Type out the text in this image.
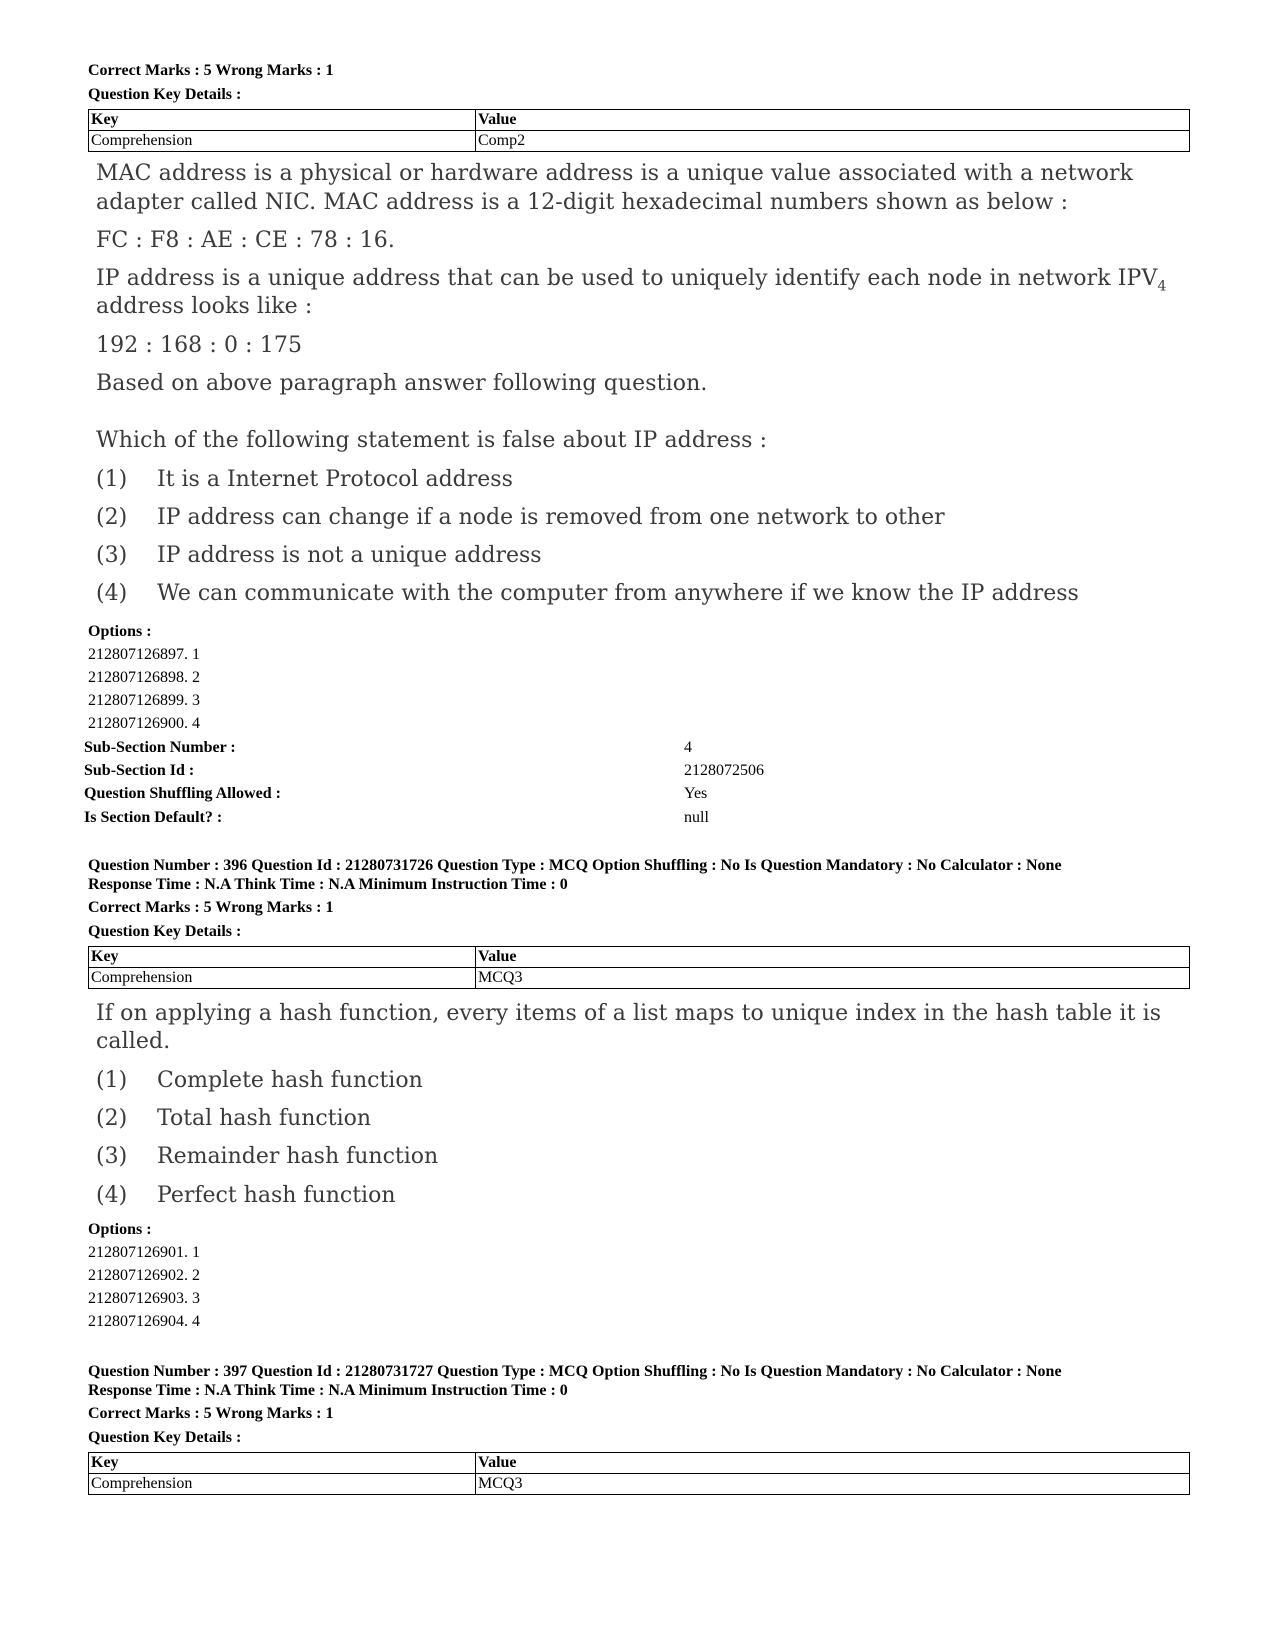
Correct Marks : 5 Wrong Marks : 1
Question Key Details :
Key	Value
Comprehension	Comp2
MAC address is a physical or hardware address is a unique value associated with a network
adapter called NIC. MAC address is a 12-digit hexadecimal numbers shown as below :
FC : F8 : AE : CE : 78 : 16.
IP address is a unique address that can be used to uniquely identify each node in network $IPV_4$
address looks like :
192 : 168 : 0 : 175
Based on above paragraph answer following question.
Which of the following statement is false about IP address :
(1) It is a Internet Protocol address
(2) IP address can change if a node is removed from one network to other
(3) IP address is not a unique address
(4) We can communicate with the computer from anywhere if we know the IP address
Options :
212807126897. 1
212807126898. 2
212807126899. 3
212807126900. 4
Sub-Section Number :	4
Sub-Section Id :	2128072506
Question Shuffling Allowed :	Yes
Is Section Default? :	null
Question Number : 396 Question Id : 21280731726 Question Type : MCQ Option Shuffling : No Is Question Mandatory : No Calculator : None
Response Time : N.A Think Time : N.A Minimum Instruction Time : 0
Correct Marks : 5 Wrong Marks : 1
Question Key Details :
Key	Value
Comprehension	MCQ3
If on applying a hash function, every items of a list maps to unique index in the hash table it is
called.
(1) Complete hash function
(2) Total hash function
(3) Remainder hash function
(4) Perfect hash function
Options :
212807126901. 1
212807126902. 2
212807126903. 3
212807126904. 4
Question Number : 397 Question Id : 21280731727 Question Type : MCQ Option Shuffling : No Is Question Mandatory : No Calculator : None
Response Time : N.A Think Time : N.A Minimum Instruction Time : 0
Correct Marks : 5 Wrong Marks : 1
Question Key Details :
Key	Value
Comprehension	MCQ3
